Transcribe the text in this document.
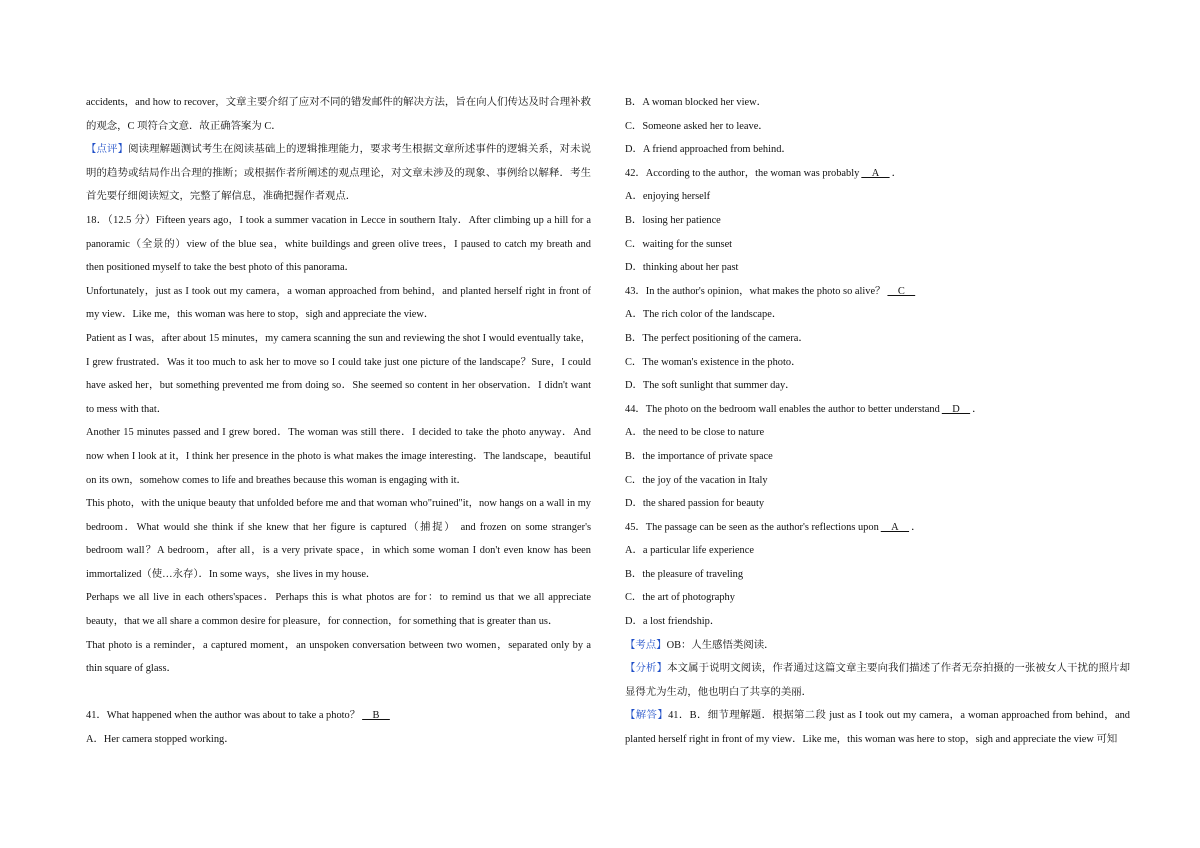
accidents，and how to recover，文章主要介绍了应对不同的错发邮件的解决方法，旨在向人们传达及时合理补救的观念，C 项符合文意．故正确答案为 C．

【点评】阅读理解题测试考生在阅读基础上的逻辑推理能力，要求考生根据文章所述事件的逻辑关系，对未说明的趋势或结局作出合理的推断；或根据作者所阐述的观点理论，对文章未涉及的现象、事例给以解释．考生首先要仔细阅读短文，完整了解信息，准确把握作者观点．

18．（12.5 分）Fifteen years ago，I took a summer vacation in Lecce in southern Italy．After climbing up a hill for a panoramic（全景的）view of the blue sea，white buildings and green olive trees，I paused to catch my breath and then positioned myself to take the best photo of this panorama．

Unfortunately，just as I took out my camera，a woman approached from behind，and planted herself right in front of my view．Like me，this woman was here to stop，sigh and appreciate the view．

Patient as I was，after about 15 minutes，my camera scanning the sun and reviewing the shot I would eventually take，I grew frustrated．Was it too much to ask her to move so I could take just one picture of the landscape？Sure，I could have asked her，but something prevented me from doing so．She seemed so content in her observation．I didn't want to mess with that．

Another 15 minutes passed and I grew bored．The woman was still there．I decided to take the photo anyway．And now when I look at it，I think her presence in the photo is what makes the image interesting．The landscape，beautiful on its own，somehow comes to life and breathes because this woman is engaging with it．

This photo，with the unique beauty that unfolded before me and that woman who"ruined"it，now hangs on a wall in my bedroom．What would she think if she knew that her figure is captured（捕捉） and frozen on some stranger's bedroom wall？A bedroom，after all，is a very private space，in which some woman I don't even know has been immortalized（使…永存）．In some ways，she lives in my house．

Perhaps we all live in each others'spaces．Perhaps this is what photos are for：to remind us that we all appreciate beauty，that we all share a common desire for pleasure，for connection，for something that is greater than us．

That photo is a reminder，a captured moment，an unspoken conversation between two women，separated only by a thin square of glass．

41．What happened when the author was about to take a photo？  B  

A．Her camera stopped working．

B．A woman blocked her view．

C．Someone asked her to leave．

D．A friend approached from behind．

42．According to the author，the woman was probably  A  ．

A．enjoying herself

B．losing her patience

C．waiting for the sunset

D．thinking about her past

43．In the author's opinion，what makes the photo so alive？  C  

A．The rich color of the landscape．

B．The perfect positioning of the camera．

C．The woman's existence in the photo．

D．The soft sunlight that summer day．

44．The photo on the bedroom wall enables the author to better understand  D  ．

A．the need to be close to nature

B．the importance of private space

C．the joy of the vacation in Italy

D．the shared passion for beauty

45．The passage can be seen as the author's reflections upon  A  ．

A．a particular life experience

B．the pleasure of traveling

C．the art of photography

D．a lost friendship．

【考点】OB：人生感悟类阅读．

【分析】本文属于说明文阅读，作者通过这篇文章主要向我们描述了作者无奈拍摄的一张被女人干扰的照片却显得尤为生动，他也明白了共享的美丽．

【解答】41．B．细节理解题．根据第二段 just as I took out my camera，a woman approached from behind，and planted herself right in front of my view．Like me，this woman was here to stop，sigh and appreciate the view 可知
